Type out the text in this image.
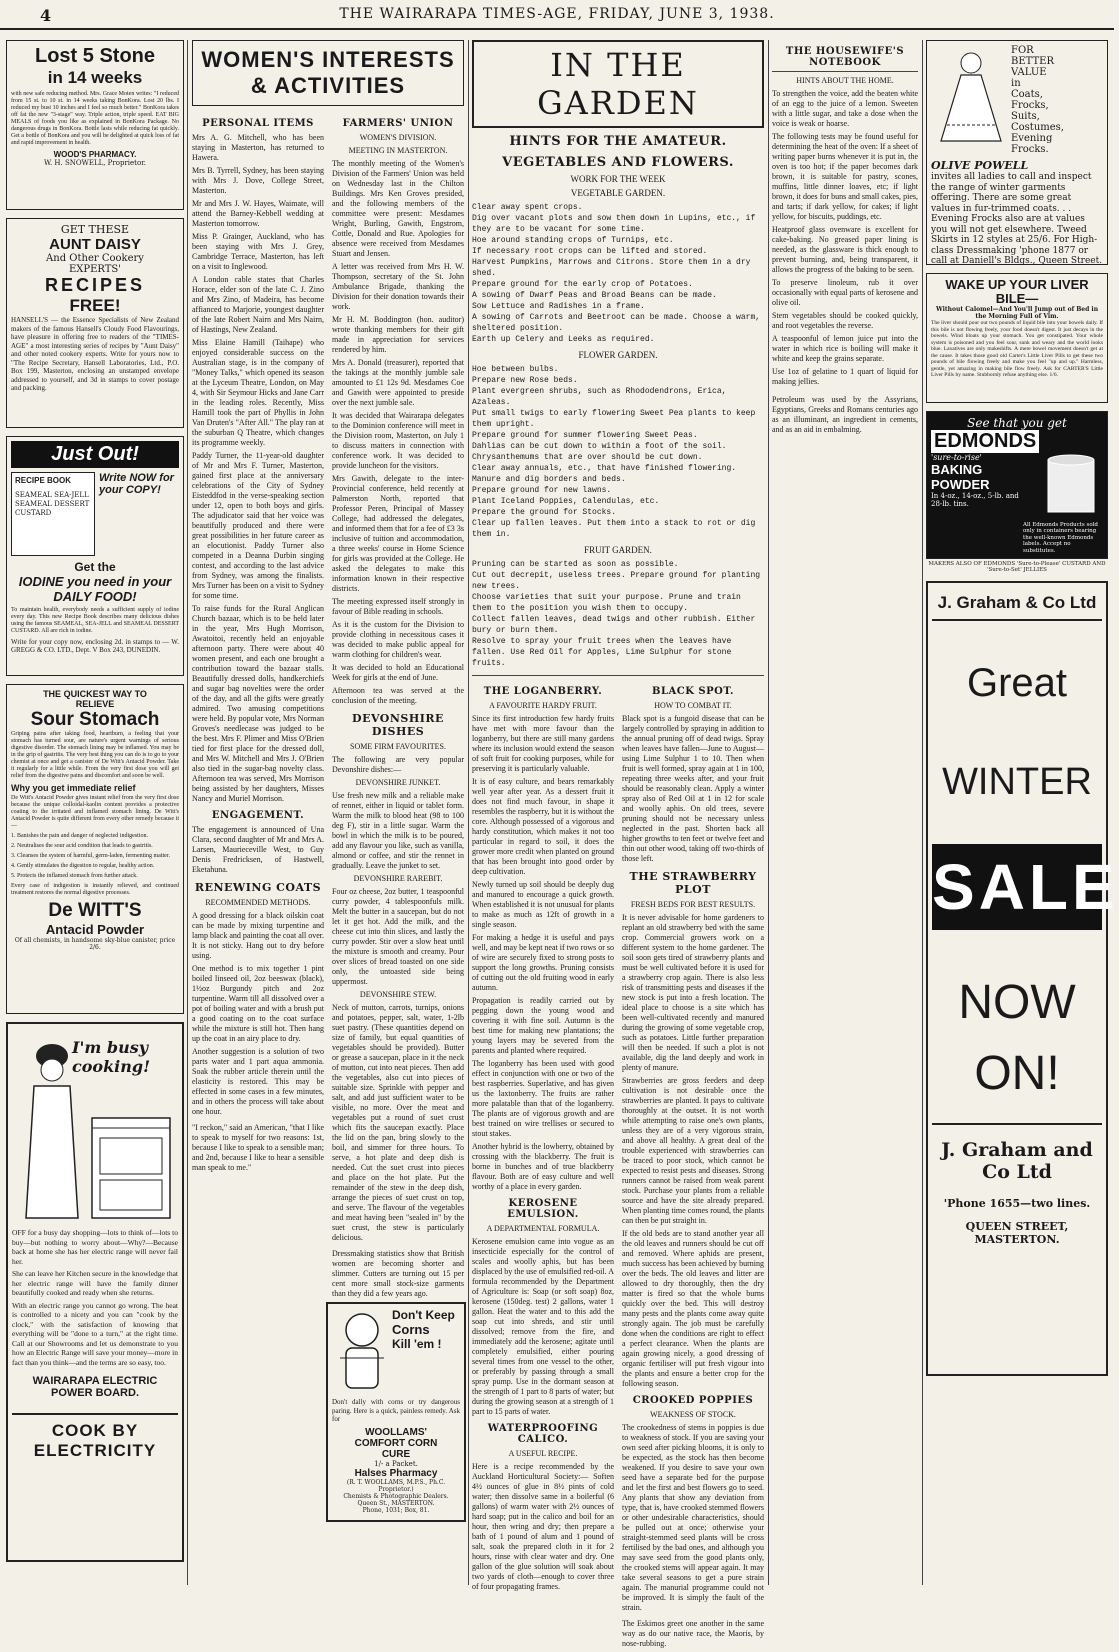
4	THE WAIRARAPA TIMES-AGE, FRIDAY, JUNE 3, 1938.
Lost 5 Stone
in 14 weeks
with new safe reducing method. Mrs. Grace Moten writes: "I reduced from 15 st. to 10 st. in 14 weeks taking BonKora. Lost 20 lbs. I reduced my bust 10 inches and I feel so much better." BonKora takes off fat the new "3-stage" way. Triple action, triple speed. EAT BIG MEALS of foods you like as explained in BonKora Package. No dangerous drugs in BonKora. Bottle lasts while reducing fat quickly. Get a bottle of BonKora and you will be delighted at quick loss of fat and rapid improvement in health.
WOOD'S PHARMACY.
W. H. SNOWELL, Proprietor.
GET THESE
AUNT DAISY
And Other Cookery
EXPERTS'
RECIPES
FREE!
HANSELL'S — the Essence Specialists of New Zealand makers of the famous Hansell's Cloudy Food Flavourings, have pleasure in offering free to readers of the "TIMES-AGE" a most interesting series of recipes by "Aunt Daisy" and other noted cookery experts. Write for yours now to "The Recipe Secretary, Hansell Laboratories, Ltd., P.O. Box 199, Masterton, enclosing an unstamped envelope addressed to yourself, and 3d in stamps to cover postage and packing.
Just Out!
RECIPE BOOK
SEAMEAL SEA-JELL SEAMEAL DESSERT CUSTARD
Write NOW for your COPY!
Get the
IODINE you need in your DAILY FOOD!
To maintain health, everybody needs a sufficient supply of iodine every day. This new Recipe Book describes many delicious dishes using the famous SEAMEAL, SEA-JELL and SEAMEAL DESSERT CUSTARD. All are rich in iodine.
Write for your copy now, enclosing 2d. in stamps to — W. GREGG & CO. LTD., Dept. V Box 243, DUNEDIN.
THE QUICKEST WAY TO
RELIEVE
Sour Stomach
Griping pains after taking food, heartburn, a feeling that your stomach has turned sour, are nature's urgent warnings of serious digestive disorder. The stomach lining may be inflamed. You may be in the grip of gastritis. The very best thing you can do is to go to your chemist at once and get a canister of De Witt's Antacid Powder. Take it regularly for a little while. From the very first dose you will get relief from the digestive pains and discomfort and soon be well.
Why you get immediate relief
De Witt's Antacid Powder gives instant relief from the very first dose because the unique colloidal-kaolin content provides a protective coating to the irritated and inflamed stomach lining. De Witt's Antacid Powder is quite different from every other remedy because it —
1. Banishes the pain and danger of neglected indigestion.
2. Neutralises the sour acid condition that leads to gastritis.
3. Cleanses the system of harmful, germ-laden, fermenting matter.
4. Gently stimulates the digestion to regular, healthy action.
5. Protects the inflamed stomach from further attack.
Every case of indigestion is instantly relieved, and continued treatment restores the normal digestive processes.
De WITT'S
Antacid Powder
Of all chemists, in handsome sky-blue canister, price 2/6.
I'm busy cooking!
OFF for a busy day shopping—lots to think of—lots to buy—but nothing to worry about—Why?—Because back at home she has her electric range will never fail her.
She can leave her Kitchen secure in the knowledge that her electric range will have the family dinner beautifully cooked and ready when she returns.
With an electric range you cannot go wrong. The heat is controlled to a nicety and you can "cook by the clock," with the satisfaction of knowing that everything will be "done to a turn," at the right time. Call at our Showrooms and let us demonstrate to you how an Electric Range will save your money—more in fact than you think—and the terms are so easy, too.
WAIRARAPA ELECTRIC
POWER BOARD.
COOK BY ELECTRICITY
WOMEN'S INTERESTS
& ACTIVITIES
PERSONAL ITEMS
Mrs A. G. Mitchell, who has been staying in Masterton, has returned to Hawera.
Mrs B. Tyrrell, Sydney, has been staying with Mrs J. Dove, College Street, Masterton.
Mr and Mrs J. W. Hayes, Waimate, will attend the Barney-Kebbell wedding at Masterton tomorrow.
Miss P. Grainger, Auckland, who has been staying with Mrs J. Grey, Cambridge Terrace, Masterton, has left on a visit to Inglewood.
A London cable states that Charles Horace, elder son of the late C. J. Zino and Mrs Zino, of Madeira, has become affianced to Marjorie, youngest daughter of the late Robert Nairn and Mrs Nairn, of Hastings, New Zealand.
Miss Elaine Hamill (Taihape) who enjoyed considerable success on the Australian stage, is in the company of "Money Talks," which opened its season at the Lyceum Theatre, London, on May 4, with Sir Seymour Hicks and Jane Carr in the leading roles. Recently, Miss Hamill took the part of Phyllis in John Van Druten's "After All." The play ran at the suburban Q Theatre, which changes its programme weekly.
Paddy Turner, the 11-year-old daughter of Mr and Mrs F. Turner, Masterton, gained first place at the anniversary celebrations of the City of Sydney Eisteddfod in the verse-speaking section under 12, open to both boys and girls. The adjudicator said that her voice was beautifully produced and there were great possibilities in her future career as an elocutionist. Paddy Turner also competed in a Deanna Durbin singing contest, and according to the last advice from Sydney, was among the finalists. Mrs Turner has been on a visit to Sydney for some time.
To raise funds for the Rural Anglican Church bazaar, which is to be held later in the year, Mrs Hugh Morrison, Awatoitoi, recently held an enjoyable afternoon party. There were about 40 women present, and each one brought a contribution toward the bazaar stalls. Beautifully dressed dolls, handkerchiefs and sugar bag novelties were the order of the day, and all the gifts were greatly admired. Two amusing competitions were held. By popular vote, Mrs Norman Groves's needlecase was judged to be the best. Mrs F. Plimer and Miss O'Brien tied for first place for the dressed doll, and Mrs W. Mitchell and Mrs J. O'Brien also tied in the sugar-bag novelty class. Afternoon tea was served, Mrs Morrison being assisted by her daughters, Misses Nancy and Muriel Morrison.
ENGAGEMENT.
The engagement is announced of Una Clara, second daughter of Mr and Mrs A. Larsen, Maurieceville West, to Guy Denis Fredricksen, of Hastwell, Eketahuna.
RENEWING COATS
RECOMMENDED METHODS.
A good dressing for a black oilskin coat can be made by mixing turpentine and lamp black and painting the coat all over. It is not sticky. Hang out to dry before using.
One method is to mix together 1 pint boiled linseed oil, 2oz beeswax (black), 1½oz Burgundy pitch and 2oz turpentine. Warm till all dissolved over a pot of boiling water and with a brush put a good coating on to the coat surface while the mixture is still hot. Then hang up the coat in an airy place to dry.
Another suggestion is a solution of two parts water and 1 part aqua ammonia. Soak the rubber article therein until the elasticity is restored. This may be effected in some cases in a few minutes, and in others the process will take about one hour.
"I reckon," said an American, "that I like to speak to myself for two reasons: 1st, because I like to speak to a sensible man; and 2nd, because I like to hear a sensible man speak to me."
FARMERS' UNION
WOMEN'S DIVISION.
MEETING IN MASTERTON.
The monthly meeting of the Women's Division of the Farmers' Union was held on Wednesday last in the Chilton Buildings. Mrs Ken Groves presided, and the following members of the committee were present: Mesdames Wright, Burling, Gawith, Engstrom, Cottle, Donald and Rue. Apologies for absence were received from Mesdames Stuart and Jensen.
A letter was received from Mrs H. W. Thompson, secretary of the St. John Ambulance Brigade, thanking the Division for their donation towards their work.
Mr H. M. Boddington (hon. auditor) wrote thanking members for their gift made in appreciation for services rendered by him.
Mrs A. Donald (treasurer), reported that the takings at the monthly jumble sale amounted to £1 12s 9d. Mesdames Coe and Gawith were appointed to preside over the next jumble sale.
It was decided that Wairarapa delegates to the Dominion conference will meet in the Division room, Masterton, on July 1 to discuss matters in connection with conference work. It was decided to provide luncheon for the visitors.
Mrs Gawith, delegate to the inter-Provincial conference, held recently at Palmerston North, reported that Professor Peren, Principal of Massey College, had addressed the delegates, and informed them that for a fee of £3 3s inclusive of tuition and accommodation, a three weeks' course in Home Science for girls was provided at the College. He asked the delegates to make this information known in their respective districts.
The meeting expressed itself strongly in favour of Bible reading in schools.
As it is the custom for the Division to provide clothing in necessitous cases it was decided to make public appeal for warm clothing for children's wear.
It was decided to hold an Educational Week for girls at the end of June.
Afternoon tea was served at the conclusion of the meeting.
DEVONSHIRE DISHES
SOME FIRM FAVOURITES.
The following are very popular Devonshire dishes:—
DEVONSHIRE JUNKET.
Use fresh new milk and a reliable make of rennet, either in liquid or tablet form. Warm the milk to blood heat (98 to 100 deg F), stir in a little sugar. Warm the bowl in which the milk is to be poured, add any flavour you like, such as vanilla, almond or coffee, and stir the rennet in gradually. Leave the junket to set.
DEVONSHIRE RAREBIT.
Four oz cheese, 2oz butter, 1 teaspoonful curry powder, 4 tablespoonfuls milk. Melt the butter in a saucepan, but do not let it get hot. Add the milk, and the cheese cut into thin slices, and lastly the curry powder. Stir over a slow heat until the mixture is smooth and creamy. Pour over slices of bread toasted on one side only, the untoasted side being uppermost.
DEVONSHIRE STEW.
Neck of mutton, carrots, turnips, onions and potatoes, pepper, salt, water, 1-2lb suet pastry. (These quantities depend on size of family, but equal quantities of vegetables should be provided). Butter or grease a saucepan, place in it the neck of mutton, cut into neat pieces. Then add the vegetables, also cut into pieces of suitable size. Sprinkle with pepper and salt, and add just sufficient water to be visible, no more. Over the meat and vegetables put a round of suet crust which fits the saucepan exactly. Place the lid on the pan, bring slowly to the boil, and simmer for three hours. To serve, a hot plate and deep dish is needed. Cut the suet crust into pieces and place on the hot plate. Put the remainder of the stew in the deep dish, arrange the pieces of suet crust on top, and serve. The flavour of the vegetables and meat having been "sealed in" by the suet crust, the stew is particularly delicious.
Dressmaking statistics show that British women are becoming shorter and slimmer. Cutters are turning out 15 per cent more small stock-size garments than they did a few years ago.
Don't Keep
Corns
Kill 'em !
Don't dally with corns or try dangerous paring. Here is a quick, painless remedy. Ask for
WOOLLAMS'
COMFORT CORN
CURE
1/- a Packet.
Halses Pharmacy
(R. T. WOOLLAMS, M.P.S., Ph.C. Proprietor.)
Chemists & Photographic Dealers.
Queen St., MASTERTON.
Phone, 1031; Box, 81.
IN THE GARDEN
HINTS FOR THE AMATEUR.
VEGETABLES AND FLOWERS.
WORK FOR THE WEEK
VEGETABLE GARDEN.
Clear away spent crops.
Dig over vacant plots and sow them down in Lupins, etc., if they are to be vacant for some time.
Hoe around standing crops of Turnips, etc.
If necessary root crops can be lifted and stored.
Harvest Pumpkins, Marrows and Citrons. Store them in a dry shed.
Prepare ground for the early crop of Potatoes.
A sowing of Dwarf Peas and Broad Beans can be made.
Sow Lettuce and Radishes in a frame.
A sowing of Carrots and Beetroot can be made. Choose a warm, sheltered position.
Earth up Celery and Leeks as required.
FLOWER GARDEN.
Hoe between bulbs.
Prepare new Rose beds.
Plant evergreen shrubs, such as Rhododendrons, Erica, Azaleas.
Put small twigs to early flowering Sweet Pea plants to keep them upright.
Prepare ground for summer flowering Sweet Peas.
Dahlias can be cut down to within a foot of the soil.
Chrysanthemums that are over should be cut down.
Clear away annuals, etc., that have finished flowering.
Manure and dig borders and beds.
Prepare ground for new lawns.
Plant Iceland Poppies, Calendulas, etc.
Prepare the ground for Stocks.
Clear up fallen leaves. Put them into a stack to rot or dig them in.
FRUIT GARDEN.
Pruning can be started as soon as possible.
Cut out decrepit, useless trees. Prepare ground for planting new trees.
Choose varieties that suit your purpose. Prune and train them to the position you wish them to occupy.
Collect fallen leaves, dead twigs and other rubbish. Either bury or burn them.
Resolve to spray your fruit trees when the leaves have fallen. Use Red Oil for Apples, Lime Sulphur for stone fruits.
THE LOGANBERRY.
A FAVOURITE HARDY FRUIT.
Since its first introduction few hardy fruits have met with more favour than the loganberry, but there are still many gardens where its inclusion would extend the season of soft fruit for cooking purposes, while for preserving it is particularly valuable.
It is of easy culture, and bears remarkably well year after year. As a dessert fruit it does not find much favour, in shape it resembles the raspberry, but it is without the core. Although possessed of a vigorous and hardy constitution, which makes it not too particular in regard to soil, it does the grower more credit when planted on ground that has been brought into good order by deep cultivation.
Newly turned up soil should be deeply dug and manured to encourage a quick growth. When established it is not unusual for plants to make as much as 12ft of growth in a single season.
For making a hedge it is useful and pays well, and may be kept neat if two rows or so of wire are securely fixed to strong posts to support the long growths. Pruning consists of cutting out the old fruiting wood in early autumn.
Propagation is readily carried out by pegging down the young wood and covering it with fine soil. Autumn is the best time for making new plantations; the young layers may be severed from the parents and planted where required.
The loganberry has been used with good effect in conjunction with one or two of the best raspberries. Superlative, and has given us the laxtonberry. The fruits are rather more palatable than that of the loganberry. The plants are of vigorous growth and are best trained on wire trellises or secured to stout stakes.
Another hybrid is the lowberry, obtained by crossing with the blackberry. The fruit is borne in bunches and of true blackberry flavour. Both are of easy culture and well worthy of a place in every garden.
KEROSENE EMULSION.
A DEPARTMENTAL FORMULA.
Kerosene emulsion came into vogue as an insecticide especially for the control of scales and woolly aphis, but has been displaced by the use of emulsified red-oil. A formula recommended by the Department of Agriculture is: Soap (or soft soap) 8oz, kerosene (150deg. test) 2 gallons, water 1 gallon. Heat the water and to this add the soap cut into shreds, and stir until dissolved; remove from the fire, and immediately add the kerosene; agitate until completely emulsified, either pouring several times from one vessel to the other, or preferably by passing through a small spray pump. Use in the dormant season at the strength of 1 part to 8 parts of water; but during the growing season at a strength of 1 part to 15 parts of water.
WATERPROOFING CALICO.
A USEFUL RECIPE.
Here is a recipe recommended by the Auckland Horticultural Society:— Soften 4½ ounces of glue in 8½ pints of cold water; then dissolve same in a boilerful (6 gallons) of warm water with 2½ ounces of hard soap; put in the calico and boil for an hour, then wring and dry; then prepare a bath of 1 pound of alum and 1 pound of salt, soak the prepared cloth in it for 2 hours, rinse with clear water and dry. One gallon of the glue solution will soak about two yards of cloth—enough to cover three of four propagating frames.
BLACK SPOT.
HOW TO COMBAT IT.
Black spot is a fungoid disease that can be largely controlled by spraying in addition to the annual pruning off of dead twigs. Spray when leaves have fallen—June to August—using Lime Sulphur 1 to 10. Then when fruit is well formed, spray again at 1 in 100, repeating three weeks after, and your fruit should be reasonably clean. Apply a winter spray also of Red Oil at 1 in 12 for scale and woolly aphis. On old trees, severe pruning should not be necessary unless neglected in the past. Shorten back all higher growths to ten feet or twelve feet and thin out other wood, taking off two-thirds of those left.
THE STRAWBERRY PLOT
FRESH BEDS FOR BEST RESULTS.
It is never advisable for home gardeners to replant an old strawberry bed with the same crop. Commercial growers work on a different system to the home gardener. The soil soon gets tired of strawberry plants and must be well cultivated before it is used for a strawberry crop again. There is also less risk of transmitting pests and diseases if the new stock is put into a fresh location. The ideal place to choose is a site which has been well-cultivated recently and manured during the growing of some vegetable crop, such as potatoes. Little further preparation will then be needed. If such a plot is not available, dig the land deeply and work in plenty of manure.
Strawberries are gross feeders and deep cultivation is not desirable once the strawberries are planted. It pays to cultivate thoroughly at the outset. It is not worth while attempting to raise one's own plants, unless they are of a very vigorous strain, and above all healthy. A great deal of the trouble experienced with strawberries can be traced to poor stock, which cannot be expected to resist pests and diseases. Strong runners cannot be raised from weak parent stock. Purchase your plants from a reliable source and have the site already prepared. When planting time comes round, the plants can then be put straight in.
If the old beds are to stand another year all the old leaves and runners should be cut off and removed. Where aphids are present, much success has been achieved by burning over the beds. The old leaves and litter are allowed to dry thoroughly, then the dry matter is fired so that the whole burns quickly over the bed. This will destroy many pests and the plants come away quite strongly again. The job must be carefully done when the conditions are right to effect a perfect clearance. When the plants are again growing nicely, a good dressing of organic fertiliser will put fresh vigour into the plants and ensure a better crop for the following season.
CROOKED POPPIES
WEAKNESS OF STOCK.
The crookedness of stems in poppies is due to weakness of stock. If you are saving your own seed after picking blooms, it is only to be expected, as the stock has then become weakened. If you desire to save your own seed have a separate bed for the purpose and let the first and best flowers go to seed. Any plants that show any deviation from type, that is, have crooked stemmed flowers or other undesirable characteristics, should be pulled out at once; otherwise your straight-stemmed seed plants will be cross fertilised by the bad ones, and although you may save seed from the good plants only, the crooked stems will appear again. It may take several seasons to get a pure strain again. The manurial programme could not be improved. It is simply the fault of the strain.
The Eskimos greet one another in the same way as do our native race, the Maoris, by nose-rubbing.
THE HOUSEWIFE'S NOTEBOOK
HINTS ABOUT THE HOME.
To strengthen the voice, add the beaten white of an egg to the juice of a lemon. Sweeten with a little sugar, and take a dose when the voice is weak or hoarse.
The following tests may be found useful for determining the heat of the oven: If a sheet of writing paper burns whenever it is put in, the oven is too hot; if the paper becomes dark brown, it is suitable for pastry, scones, muffins, little dinner loaves, etc; if light brown, it does for buns and small cakes, pies, and tarts; if dark yellow, for cakes; if light yellow, for biscuits, puddings, etc.
Heatproof glass ovenware is excellent for cake-baking. No greased paper lining is needed, as the glassware is thick enough to prevent burning, and, being transparent, it allows the progress of the baking to be seen.
To preserve linoleum, rub it over occasionally with equal parts of kerosene and olive oil.
Stem vegetables should be cooked quickly, and root vegetables the reverse.
A teaspoonful of lemon juice put into the water in which rice is boiling will make it white and keep the grains separate.
Use 1oz of gelatine to 1 quart of liquid for making jellies.
Petroleum was used by the Assyrians, Egyptians, Greeks and Romans centuries ago as an illuminant, an ingredient in cements, and as an aid in embalming.
FOR
BETTER
VALUE
in
Coats,
Frocks,
Suits,
Costumes,
Evening
Frocks.
OLIVE POWELL
invites all ladies to call and inspect the range of winter garments offering. There are some great values in fur-trimmed coats. . . Evening Frocks also are at values you will not get elsewhere. Tweed Skirts in 12 styles at 25/6. For High-class Dressmaking 'phone 1877 or call at Daniell's Bldgs., Queen Street.
WAKE UP YOUR LIVER BILE—
Without Calomel—And You'll Jump out of Bed in the Morning Full of Vim.
The liver should pour out two pounds of liquid bile into your bowels daily. If this bile is not flowing freely, your food doesn't digest. It just decays in the bowels. Wind bloats up your stomach. You get constipated. Your whole system is poisoned and you feel sour, sunk and weary and the world looks blue. Laxatives are only makeshifts. A mere bowel movement doesn't get at the cause. It takes those good old Carter's Little Liver Pills to get these two pounds of bile flowing freely and make you feel "up and up." Harmless, gentle, yet amazing in making bile flow freely. Ask for CARTER'S Little Liver Pills by name. Stubbornly refuse anything else. 1/6.
See that you get
EDMONDS
'sure-to-rise'
BAKING
POWDER
In 4-oz., 14-oz., 5-lb. and 28-lb. tins.
All Edmonds Products sold only in containers bearing the well-known Edmonds labels. Accept no substitutes.
MAKERS ALSO OF EDMONDS 'Sure-to-Please' CUSTARD AND 'Sure-to-Set' JELLIES
J. Graham & Co Ltd
Great
WINTER
SALE
NOW
ON!
J. Graham and Co Ltd
'Phone 1655—two lines.
QUEEN STREET, MASTERTON.
